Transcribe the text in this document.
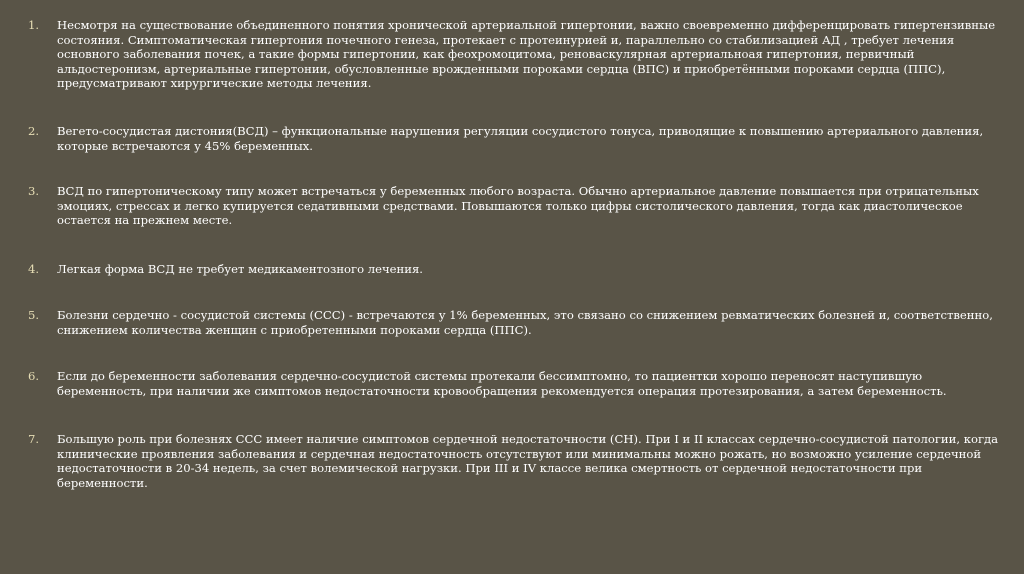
1.	Несмотря на существование объединенного понятия хронической артериальной гипертонии, важно своевременно дифференцировать гипертензивные состояния. Симптоматическая гипертония почечного генеза, протекает с протеинурией и, параллельно со стабилизацией АД , требует лечения основного заболевания почек, а такие формы гипертонии, как феохромоцитома, реноваскулярная артериальноая гипертония, первичный альдостеронизм, артериальные гипертонии, обусловленные врожденными пороками сердца (ВПС) и приобретёнными пороками сердца (ППС), предусматривают хирургические методы лечения.
2.	Вегето-сосудистая дистония(ВСД) – функциональные нарушения регуляции сосудистого тонуса, приводящие к повышению артериального давления, которые встречаются у 45% беременных.
3.	ВСД по гипертоническому типу может встречаться у беременных любого возраста. Обычно артериальное давление повышается при отрицательных эмоциях, стрессах и легко купируется седативными средствами. Повышаются только цифры систолического давления, тогда как диастолическое остается на прежнем месте.
4.	Легкая форма ВСД не требует медикаментозного лечения.
5.	Болезни сердечно - сосудистой системы (ССС) - встречаются у 1% беременных, это связано со снижением ревматических болезней и, соответственно, снижением количества женщин с приобретенными пороками сердца (ППС).
6.	Если до беременности заболевания сердечно-сосудистой системы протекали бессимптомно, то пациентки хорошо переносят наступившую беременность, при наличии же симптомов недостаточности кровообращения рекомендуется операция протезирования, а затем беременность.
7.	Большую роль при болезнях ССС имеет наличие симптомов сердечной недостаточности (СН). При I и II классах сердечно-сосудистой патологии, когда клинические проявления заболевания и сердечная недостаточность отсутствуют или минимальны можно рожать, но возможно усиление сердечной недостаточности в 20-34 недель, за счет волемической нагрузки. При III и IV классе велика смертность от сердечной недостаточности при беременности.
